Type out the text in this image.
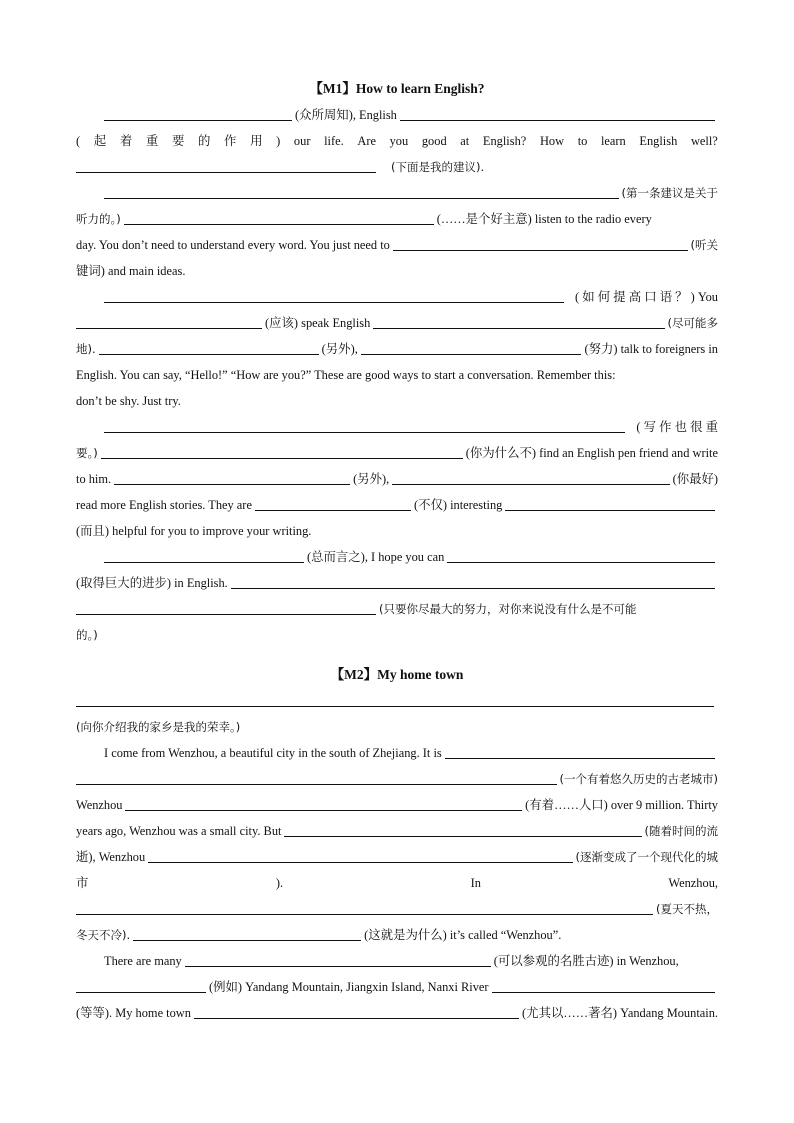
【M1】How to learn English?
(众所周知), English
( 起 着 重 要 的 作 用 ) our life. Are you good at English? How to learn English well?
(下面是我的建议).
(第一条建议是关于
听力的。)	(……是个好主意) listen to the radio every
day. You don’t need to understand every word. You just need to	(听关
键词) and main ideas.
( 如 何 提 高 口 语 ？ ) You
(应该) speak English	(尽可能多
地).	(另外),	(努力) talk to foreigners in
English. You can say, “Hello!” “How are you?” These are good ways to start a conversation. Remember this:
don’t be shy. Just try.
( 写 作 也 很 重
要。)	(你为什么不) find an English pen friend and write
to him.	(另外),	(你最好)
read more English stories. They are	(不仅) interesting
(而且) helpful for you to improve your writing.
(总而言之), I hope you can
(取得巨大的进步) in English.
(只要你尽最大的努力，对你来说没有什么是不可能
的。)
【M2】My home town
(向你介绍我的家乡是我的荣幸。)
I come from Wenzhou, a beautiful city in the south of Zhejiang. It is
(一个有着悠久历史的古老城市)
Wenzhou	(有着……人口) over 9 million. Thirty
years ago, Wenzhou was a small city. But	(随着时间的流
逝), Wenzhou	(逐渐变成了一个现代化的城
市	).	In	Wenzhou,
(夏天不热，
冬天不冷).	(这就是为什么) it’s called “Wenzhou”.
There are many	(可以参观的名胜古迹) in Wenzhou,
(例如) Yandang Mountain, Jiangxin Island, Nanxi River
(等等). My home town	(尤其以……著名) Yandang Mountain.
